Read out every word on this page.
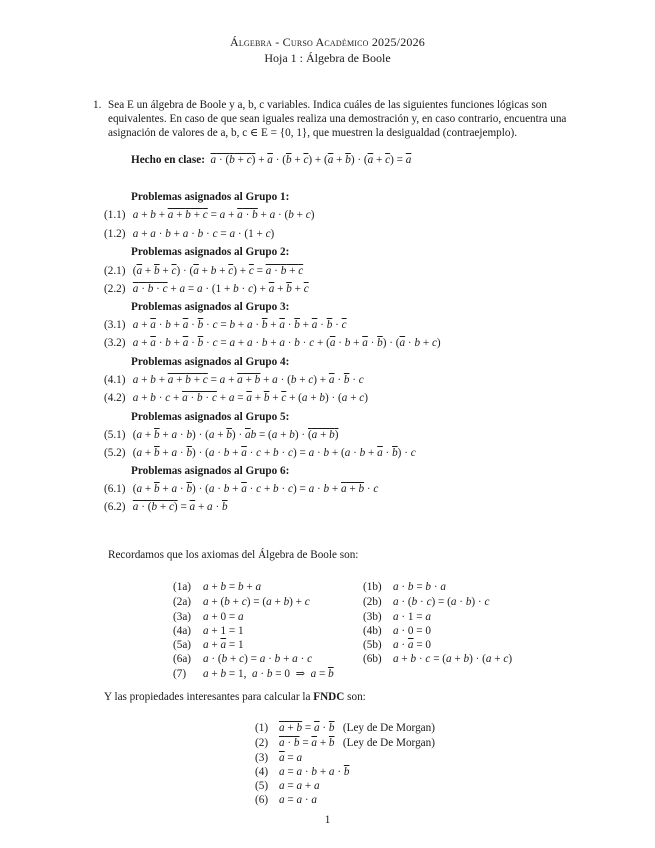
Álgebra - Curso Académico 2025/2026
Hoja 1 : Álgebra de Boole
1. Sea E un álgebra de Boole y a, b, c variables. Indica cuáles de las siguientes funciones lógicas son
equivalentes. En caso de que sean iguales realiza una demostración y, en caso contrario, encuentra una
asignación de valores de a, b, c ∈ E = {0, 1}, que muestren la desigualdad (contraejemplo).
Hecho en clase: $a \cdot (b + c) + \overline{a} \cdot (\overline{b} + \overline{c}) + (\overline{a} + \overline{b}) \cdot (\overline{a} + \overline{c}) = \overline{a}$
Problemas asignados al Grupo 1:
(1.1) a + b + a + b + c = a + a · b + a · (b + c)
(1.2) a + a · b + a · b · c = a · (1 + c)
Problemas asignados al Grupo 2:
(2.1) $(\overline{a} + \overline{b} + \overline{c}) \cdot (\overline{a} + b + \overline{c}) + \overline{c} = a \cdot b + c$
(2.2) $a \cdot b \cdot c + a = a \cdot (1 + b \cdot c) + \overline{a} + \overline{b} + \overline{c}$
Problemas asignados al Grupo 3:
(3.1) $a + \overline{a} \cdot b + \overline{a} \cdot \overline{b} \cdot c = b + a \cdot \overline{b} + \overline{a} \cdot \overline{b} + \overline{a} \cdot \overline{b} \cdot \overline{c}$
(3.2) $a + \overline{a} \cdot b + \overline{a} \cdot \overline{b} \cdot c = a + a \cdot b + a \cdot b \cdot c + (\overline{a} \cdot b + \overline{a} \cdot \overline{b}) \cdot (\overline{a} \cdot b + c)$
Problemas asignados al Grupo 4:
(4.1) $a + b + a + b + c = a + a + b + a \cdot (b + c) + \overline{a} \cdot \overline{b} \cdot c$
(4.2) $a + b \cdot c + a \cdot b \cdot c + a = \overline{a} + \overline{b} + \overline{c} + (a + b) \cdot (a + c)$
Problemas asignados al Grupo 5:
(5.1) $(a + \overline{b} + a \cdot b) \cdot (a + \overline{b}) \cdot \overline{a}b = (a + b) \cdot (a + b)$
(5.2) $(a + \overline{b} + a \cdot \overline{b}) \cdot (a \cdot b + \overline{a} \cdot c + b \cdot c) = a \cdot b + (a \cdot b + \overline{a} \cdot \overline{b}) \cdot c$
Problemas asignados al Grupo 6:
(6.1) $(a + \overline{b} + a \cdot \overline{b}) \cdot (a \cdot b + \overline{a} \cdot c + b \cdot c) = a \cdot b + a + b \cdot c$
(6.2) $a \cdot (b + c) = \overline{a} + a \cdot \overline{b}$
Recordamos que los axiomas del Álgebra de Boole son:
(1a) a + b = b + a
(2a) a + (b + c) = (a + b) + c
(3a) a + 0 = a
(4a) a + 1 = 1
(5a) $a + \overline{a} = 1$
(6a) a · (b + c) = a · b + a · c
(7) a + b = 1,  a · b = 0  ⇒  $a = \overline{b}$
(1b) a · b = b · a
(2b) a · (b · c) = (a · b) · c
(3b) a · 1 = a
(4b) a · 0 = 0
(5b) $a \cdot \overline{a} = 0$
(6b) a + b · c = (a + b) · (a + c)
Y las propiedades interesantes para calcular la FNDC son:
(1) $a + b = \overline{a} \cdot \overline{b}$ (Ley de De Morgan)
(2) $a \cdot b = \overline{a} + \overline{b}$ (Ley de De Morgan)
(3) a = a
(4) $a = a \cdot b + a \cdot \overline{b}$
(5) a = a + a
(6) a = a · a
1
